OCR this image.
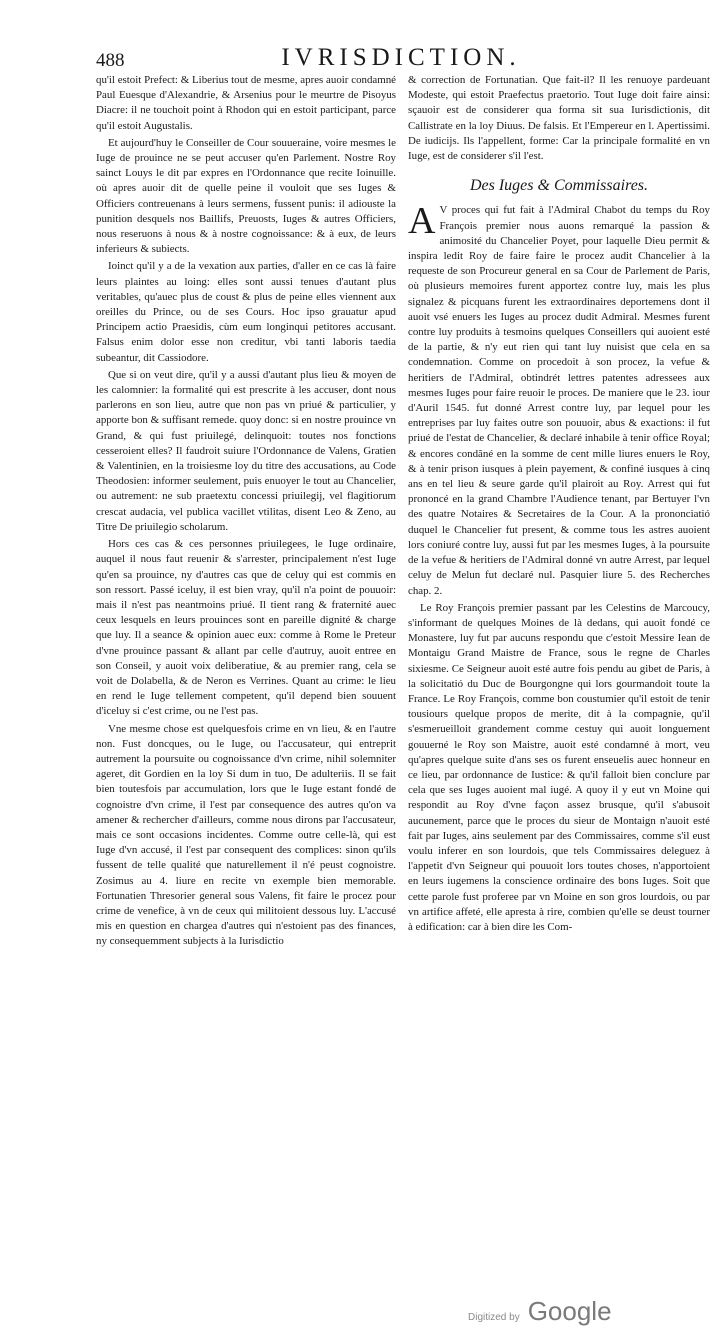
488	IVRISDICTION.

qu'il estoit Prefect: & Liberius tout de mesme, apres auoir condamné Paul Euesque d'Alexandrie, & Arsenius pour le meurtre de Pisoyus Diacre: il ne touchoit point à Rhodon qui en estoit participant, parce qu'il estoit Augustalis.

Et aujourd'huy le Conseiller de Cour souueraine, voire mesmes le Iuge de prouince ne se peut accuser qu'en Parlement. Nostre Roy sainct Louys le dit par expres en l'Ordonnance que recite Ioinuille. où apres auoir dit de quelle peine il vouloit que ses Iuges & Officiers contreuenans à leurs sermens, fussent punis: il adiouste la punition desquels nos Baillifs, Preuosts, Iuges & autres Officiers, nous reseruons à nous & à nostre cognoissance: & à eux, de leurs inferieurs & subiects.

Ioinct qu'il y a de la vexation aux parties, d'aller en ce cas là faire leurs plaintes au loing: elles sont aussi tenues d'autant plus veritables, qu'auec plus de coust & plus de peine elles viennent aux oreilles du Prince, ou de ses Cours. Hoc ipso grauatur apud Principem actio Praesidis, cùm eum longinqui petitores accusant. Falsus enim dolor esse non creditur, vbi tanti laboris taedia subeantur, dit Cassiodore.

Que si on veut dire, qu'il y a aussi d'autant plus lieu & moyen de les calomnier: la formalité qui est prescrite à les accuser, dont nous parlerons en son lieu, autre que non pas vn priué & particulier, y apporte bon & suffisant remede. quoy donc: si en nostre prouince vn Grand, & qui fust priuilegé, delinquoit: toutes nos fonctions cesseroient elles? Il faudroit suiure l'Ordonnance de Valens, Gratien & Valentinien, en la troisiesme loy du titre des accusations, au Code Theodosien: informer seulement, puis enuoyer le tout au Chancelier, ou autrement: ne sub praetextu concessi priuilegij, vel flagitiorum crescat audacia, vel publica vacillet vtilitas, disent Leo & Zeno, au Titre De priuilegio scholarum.

Hors ces cas & ces personnes priuilegees, le Iuge ordinaire, auquel il nous faut reuenir & s'arrester, principalement n'est Iuge qu'en sa prouince, ny d'autres cas que de celuy qui est commis en son ressort. Passé iceluy, il est bien vray, qu'il n'a point de pouuoir: mais il n'est pas neantmoins priué. Il tient rang & fraternité auec ceux lesquels en leurs prouinces sont en pareille dignité & charge que luy. Il a seance & opinion auec eux: comme à Rome le Preteur d'vne prouince passant & allant par celle d'autruy, auoit entree en son Conseil, y auoit voix deliberatiue, & au premier rang, cela se voit de Dolabella, & de Neron es Verrines. Quant au crime: le lieu en rend le Iuge tellement competent, qu'il depend bien souuent d'iceluy si c'est crime, ou ne l'est pas.

Vne mesme chose est quelquesfois crime en vn lieu, & en l'autre non. Fust doncques, ou le Iuge, ou l'accusateur, qui entreprit autrement la poursuite ou cognoissance d'vn crime, nihil solemniter ageret, dit Gordien en la loy Si dum in tuo, De adulteriis. Il se fait bien toutesfois par accumulation, lors que le Iuge estant fondé de cognoistre d'vn crime, il l'est par consequence des autres qu'on va amener & rechercher d'ailleurs, comme nous dirons par l'accusateur, mais ce sont occasions incidentes. Comme outre celle-là, qui est Iuge d'vn accusé, il l'est par consequent des complices: sinon qu'ils fussent de telle qualité que naturellement il n'é peust cognoistre. Zosimus au 4. liure en recite vn exemple bien memorable. Fortunatien Thresorier general sous Valens, fit faire le procez pour crime de venefice, à vn de ceux qui militoient dessous luy. L'accusé mis en question en chargea d'autres qui n'estoient pas des finances, ny consequemment subjects à la Iurisdictio

& correction de Fortunatian. Que fait-il? Il les renuoye pardeuant Modeste, qui estoit Praefectus praetorio. Tout Iuge doit faire ainsi: sçauoir est de considerer qua forma sit sua Iurisdictionis, dit Callistrate en la loy Diuus. De falsis. Et l'Empereur en l. Apertissimi. De iudicijs. Ils l'appellent, forme: Car la principale formalité en vn Iuge, est de considerer s'il l'est.

Des Iuges & Commissaires.

A V proces qui fut fait à l'Admiral Chabot du temps du Roy François premier nous auons remarqué la passion & animosité du Chancelier Poyet, pour laquelle Dieu permit & inspira ledit Roy de faire faire le procez audit Chancelier à la requeste de son Procureur general en sa Cour de Parlement de Paris, où plusieurs memoires furent apportez contre luy, mais les plus signalez & picquans furent les extraordinaires deportemens dont il auoit vsé enuers les Iuges au procez dudit Admiral. Mesmes furent contre luy produits à tesmoins quelques Conseillers qui auoient esté de la partie, & n'y eut rien qui tant luy nuisist que cela en sa condemnation. Comme on procedoit à son procez, la vefue & heritiers de l'Admiral, obtindrét lettres patentes adressees aux mesmes Iuges pour faire reuoir le proces. De maniere que le 23. iour d'Auril 1545. fut donné Arrest contre luy, par lequel pour les entreprises par luy faites outre son pouuoir, abus & exactions: il fut priué de l'estat de Chancelier, & declaré inhabile à tenir office Royal; & encores condãné en la somme de cent mille liures enuers le Roy, & à tenir prison iusques à plein payement, & confiné iusques à cinq ans en tel lieu & seure garde qu'il plairoit au Roy. Arrest qui fut prononcé en la grand Chambre l'Audience tenant, par Bertuyer l'vn des quatre Notaires & Secretaires de la Cour. A la prononciatió duquel le Chancelier fut present, & comme tous les astres auoient lors coniuré contre luy, aussi fut par les mesmes Iuges, à la poursuite de la vefue & heritiers de l'Admiral donné vn autre Arrest, par lequel celuy de Melun fut declaré nul. Pasquier liure 5. des Recherches chap. 2.

Le Roy François premier passant par les Celestins de Marcoucy, s'informant de quelques Moines de là dedans, qui auoit fondé ce Monastere, luy fut par aucuns respondu que c'estoit Messire Iean de Montaigu Grand Maistre de France, sous le regne de Charles sixiesme. Ce Seigneur auoit esté autre fois pendu au gibet de Paris, à la solicitatió du Duc de Bourgongne qui lors gourmandoit toute la France. Le Roy François, comme bon coustumier qu'il estoit de tenir tousiours quelque propos de merite, dit à la compagnie, qu'il s'esmerueilloit grandement comme cestuy qui auoit longuement gouuerné le Roy son Maistre, auoit esté condamné à mort, veu qu'apres quelque suite d'ans ses os furent enseuelis auec honneur en ce lieu, par ordonnance de Iustice: & qu'il falloit bien conclure par cela que ses Iuges auoient mal iugé. A quoy il y eut vn Moine qui respondit au Roy d'vne façon assez brusque, qu'il s'abusoit aucunement, parce que le proces du sieur de Montaign n'auoit esté fait par Iuges, ains seulement par des Commissaires, comme s'il eust voulu inferer en son lourdois, que tels Commissaires deleguez à l'appetit d'vn Seigneur qui pouuoit lors toutes choses, n'apportoient en leurs iugemens la conscience ordinaire des bons Iuges. Soit que cette parole fust proferee par vn Moine en son gros lourdois, ou par vn artifice affeté, elle apresta à rire, combien qu'elle se deust tourner à edification: car à bien dire les Com-

Digitized by Google
